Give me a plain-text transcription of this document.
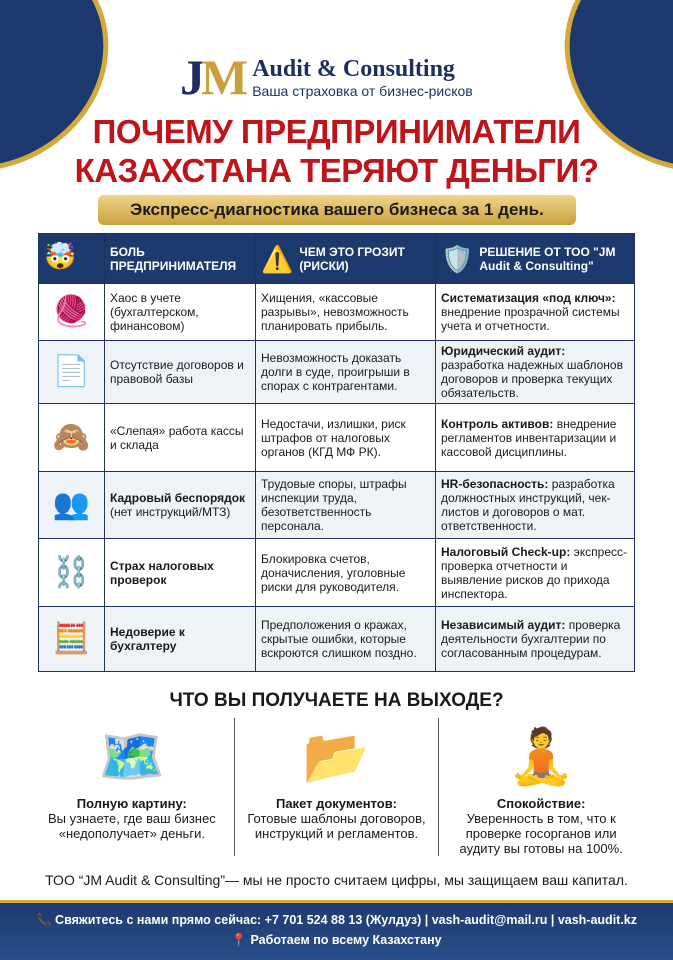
JM Audit & Consulting
Ваша страховка от бизнес-рисков
ПОЧЕМУ ПРЕДПРИНИМАТЕЛИ
КАЗАХСТАНА ТЕРЯЮТ ДЕНЬГИ?
Экспресс-диагностика вашего бизнеса за 1 день.
🤯	БОЛЬ ПРЕДПРИНИМАТЕЛЯ	⚠️ ЧЕМ ЭТО ГРОЗИТ (РИСКИ)	🛡️ РЕШЕНИЕ ОТ ТОО "JM Audit & Consulting"

🧶	Хаос в учете (бухгалтерском, финансовом)	Хищения, «кассовые разрывы», невозможность планировать прибыль.	Систематизация «под ключ»: внедрение прозрачной системы учета и отчетности.
📄	Отсутствие договоров и правовой базы	Невозможность доказать долги в суде, проигрыши в спорах с контрагентами.	Юридический аудит: разработка надежных шаблонов договоров и проверка текущих обязательств.
🙈	«Слепая» работа кассы и склада	Недостачи, излишки, риск штрафов от налоговых органов (КГД МФ РК).	Контроль активов: внедрение регламентов инвентаризации и кассовой дисциплины.
👥	Кадровый беспорядок (нет инструкций/МТЗ)	Трудовые споры, штрафы инспекции труда, безответственность персонала.	HR-безопасность: разработка должностных инструкций, чек-листов и договоров о мат. ответственности.
⛓️	Страх налоговых проверок	Блокировка счетов, доначисления, уголовные риски для руководителя.	Налоговый Check-up: экспресс-проверка отчетности и выявление рисков до прихода инспектора.
🧮	Недоверие к бухгалтеру	Предположения о кражах, скрытые ошибки, которые вскроются слишком поздно.	Независимый аудит: проверка деятельности бухгалтерии по согласованным процедурам.
ЧТО ВЫ ПОЛУЧАЕТЕ НА ВЫХОДЕ?
🗺️
Полную картину:
Вы узнаете, где ваш бизнес «недополучает» деньги.
📂
Пакет документов:
Готовые шаблоны договоров, инструкций и регламентов.
🧘
Спокойствие:
Уверенность в том, что к проверке госорганов или аудиту вы готовы на 100%.
ТОО “JM Audit & Consulting”— мы не просто считаем цифры, мы защищаем ваш капитал.
📞 Свяжитесь с нами прямо сейчас: +7 701 524 88 13 (Жулдуз) | vash-audit@mail.ru | vash-audit.kz
📍 Работаем по всему Казахстану
